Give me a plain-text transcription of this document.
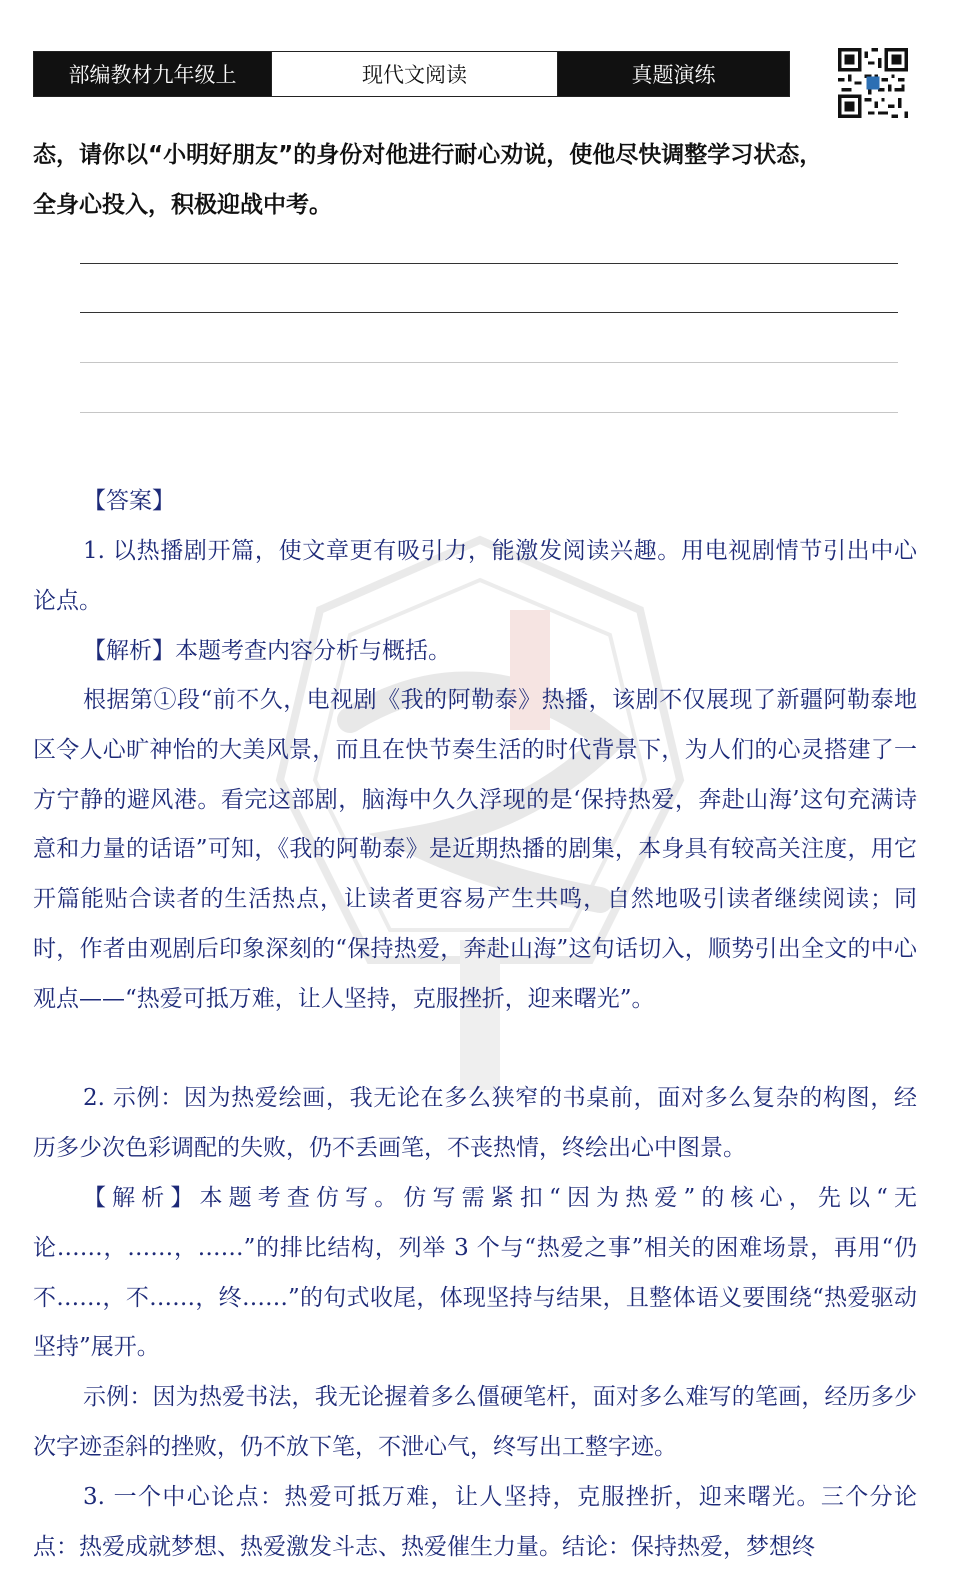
部编教材九年级上	现代文阅读	真题演练
态，请你以“小明好朋友”的身份对他进行耐心劝说，使他尽快调整学习状态，
全身心投入，积极迎战中考。

【答案】

1. 以热播剧开篇，使文章更有吸引力，能激发阅读兴趣。用电视剧情节引出中心论点。

【解析】本题考查内容分析与概括。

根据第①段“前不久，电视剧《我的阿勒泰》热播，该剧不仅展现了新疆阿勒泰地区令人心旷神怡的大美风景，而且在快节奏生活的时代背景下，为人们的心灵搭建了一方宁静的避风港。看完这部剧，脑海中久久浮现的是‘保持热爱，奔赴山海’这句充满诗意和力量的话语”可知，《我的阿勒泰》是近期热播的剧集，本身具有较高关注度，用它开篇能贴合读者的生活热点，让读者更容易产生共鸣，自然地吸引读者继续阅读；同时，作者由观剧后印象深刻的“保持热爱，奔赴山海”这句话切入，顺势引出全文的中心观点——“热爱可抵万难，让人坚持，克服挫折，迎来曙光”。

2. 示例：因为热爱绘画，我无论在多么狭窄的书桌前，面对多么复杂的构图，经历多少次色彩调配的失败，仍不丢画笔，不丧热情，终绘出心中图景。

【解析】本题考查仿写。仿写需紧扣“因为热爱”的核心，先以“无论……，……，……”的排比结构，列举 3 个与“热爱之事”相关的困难场景，再用“仍不……，不……，终……”的句式收尾，体现坚持与结果，且整体语义要围绕“热爱驱动坚持”展开。

示例：因为热爱书法，我无论握着多么僵硬笔杆，面对多么难写的笔画，经历多少次字迹歪斜的挫败，仍不放下笔，不泄心气，终写出工整字迹。

3. 一个中心论点：热爱可抵万难，让人坚持，克服挫折，迎来曙光。三个分论点：热爱成就梦想、热爱激发斗志、热爱催生力量。结论：保持热爱，梦想终
